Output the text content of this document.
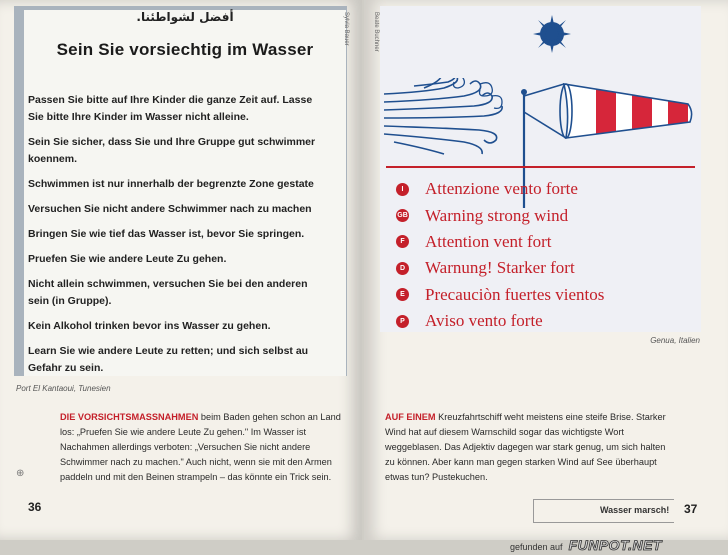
أفضل لشواطئنا.
Sein Sie vorsiechtig im Wasser
Passen Sie bitte auf Ihre Kinder die ganze Zeit auf. Lasse
Sie bitte Ihre Kinder im Wasser nicht alleine.
Sein Sie sicher, dass Sie und Ihre Gruppe gut schwimmer
koennem.
Schwimmen ist nur innerhalb der begrenzte Zone gestate
Versuchen Sie nicht andere Schwimmer nach zu machen
Bringen Sie wie tief das Wasser ist, bevor Sie springen.
Pruefen Sie wie andere Leute Zu gehen.
Nicht allein schwimmen, versuchen Sie bei den anderen
sein (in Gruppe).
Kein Alkohol trinken bevor ins Wasser zu gehen.
Learn Sie wie andere Leute zu retten; und sich selbst au
Gefahr zu sein.
Sylvia Bauer
Port El Kantaoui, Tunesien
DIE VORSICHTSMASSNAHMEN beim Baden gehen schon an Land los: „Pruefen Sie wie andere Leute Zu gehen." Im Wasser ist Nachahmen allerdings verboten: „Versuchen Sie nicht andere Schwimmer nach zu machen." Auch nicht, wenn sie mit den Armen paddeln und mit den Beinen strampeln – das könnte ein Trick sein.
⊕
36
Beate Buchner
I	Attenzione vento forte
GB Warning strong wind
F Attention vent fort
D Warnung! Starker fort
E Precauciòn fuertes vientos
P Aviso vento forte
Genua, Italien
AUF EINEM Kreuzfahrtschiff weht meistens eine steife Brise. Starker Wind hat auf diesem Warnschild sogar das wichtigste Wort weggeblasen. Das Adjektiv dagegen war stark genug, um sich halten zu können. Aber kann man gegen starken Wind auf See überhaupt etwas tun? Pustekuchen.
Wasser marsch! 37
gefunden auf FUNPOT.NET
